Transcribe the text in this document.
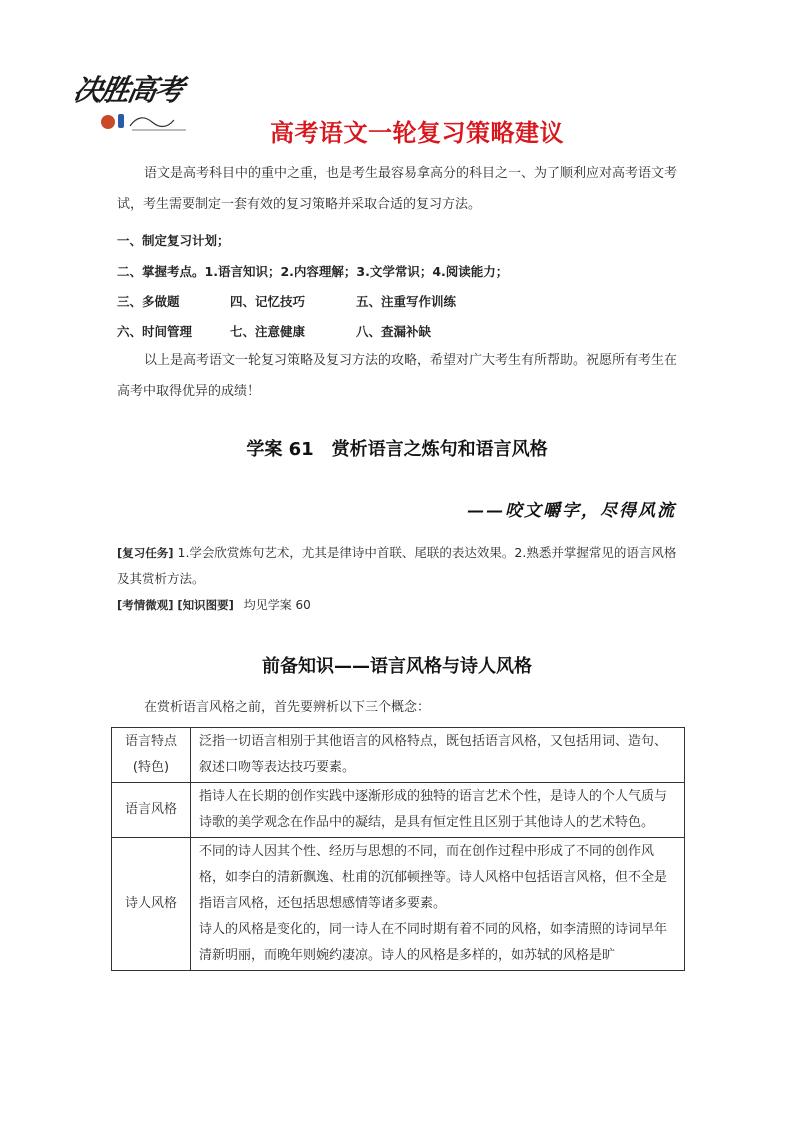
决胜高考
高考语文一轮复习策略建议
语文是高考科目中的重中之重，也是考生最容易拿高分的科目之一、为了顺利应对高考语文考试，考生需要制定一套有效的复习策略并采取合适的复习方法。
一、制定复习计划；
二、掌握考点。1.语言知识；2.内容理解；3.文学常识；4.阅读能力；
三、多做题	四、记忆技巧	五、注重写作训练
六、时间管理	七、注意健康	八、查漏补缺
以上是高考语文一轮复习策略及复习方法的攻略，希望对广大考生有所帮助。祝愿所有考生在高考中取得优异的成绩！
学案 61　赏析语言之炼句和语言风格
——咬文嚼字，尽得风流
[复习任务] 1.学会欣赏炼句艺术，尤其是律诗中首联、尾联的表达效果。2.熟悉并掌握常见的语言风格及其赏析方法。
[考情微观] [知识图要] 均见学案 60
前备知识——语言风格与诗人风格
在赏析语言风格之前，首先要辨析以下三个概念：
语言特点
(特色)	泛指一切语言相别于其他语言的风格特点，既包括语言风格，又包括用词、造句、叙述口吻等表达技巧要素。
语言风格	指诗人在长期的创作实践中逐渐形成的独特的语言艺术个性，是诗人的个人气质与诗歌的美学观念在作品中的凝结，是具有恒定性且区别于其他诗人的艺术特色。
诗人风格	不同的诗人因其个性、经历与思想的不同，而在创作过程中形成了不同的创作风格，如李白的清新飘逸、杜甫的沉郁顿挫等。诗人风格中包括语言风格，但不全是指语言风格，还包括思想感情等诸多要素。
诗人的风格是变化的，同一诗人在不同时期有着不同的风格，如李清照的诗词早年清新明丽，而晚年则婉约凄凉。诗人的风格是多样的，如苏轼的风格是旷
